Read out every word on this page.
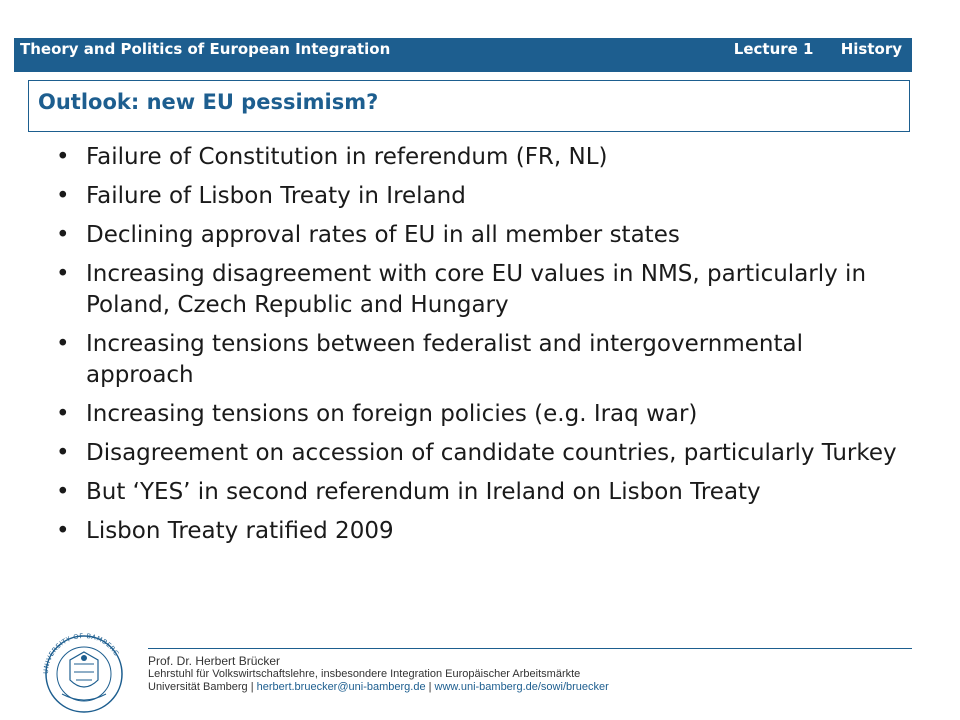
Theory and Politics of European Integration	Lecture 1 History
Outlook: new EU pessimism?
• Failure of Constitution in referendum (FR, NL)
• Failure of Lisbon Treaty in Ireland
• Declining approval rates of EU in all member states
• Increasing disagreement with core EU values in NMS, particularly in Poland, Czech Republic and Hungary
• Increasing tensions between federalist and intergovernmental approach
• Increasing tensions on foreign policies (e.g. Iraq war)
• Disagreement on accession of candidate countries, particularly Turkey
• But ‘YES’ in second referendum in Ireland on Lisbon Treaty
• Lisbon Treaty ratified 2009
UNIVERSITY OF BAMBERG
Prof. Dr. Herbert Brücker
Lehrstuhl für Volkswirtschaftslehre, insbesondere Integration Europäischer Arbeitsmärkte
Universität Bamberg | herbert.bruecker@uni-bamberg.de | www.uni-bamberg.de/sowi/bruecker
